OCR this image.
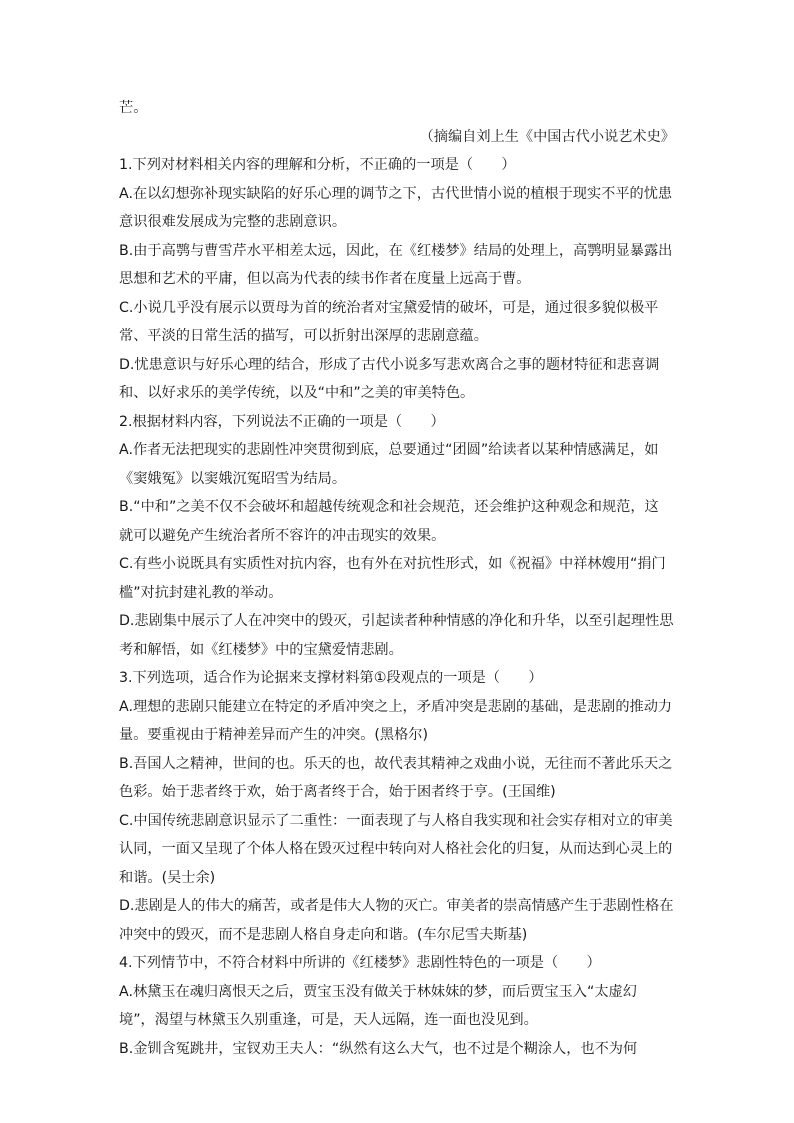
芒。
（摘编自刘上生《中国古代小说艺术史》
1.下列对材料相关内容的理解和分析，不正确的一项是（　　）
A.在以幻想弥补现实缺陷的好乐心理的调节之下，古代世情小说的植根于现实不平的忧患
意识很难发展成为完整的悲剧意识。
B.由于高鹗与曹雪芹水平相差太远，因此，在《红楼梦》结局的处理上，高鹗明显暴露出
思想和艺术的平庸，但以高为代表的续书作者在度量上远高于曹。
C.小说几乎没有展示以贾母为首的统治者对宝黛爱情的破坏，可是，通过很多貌似极平
常、平淡的日常生活的描写，可以折射出深厚的悲剧意蕴。
D.忧患意识与好乐心理的结合，形成了古代小说多写悲欢离合之事的题材特征和悲喜调
和、以好求乐的美学传统，以及“中和”之美的审美特色。
2.根据材料内容，下列说法不正确的一项是（　　）
A.作者无法把现实的悲剧性冲突贯彻到底，总要通过“团圆”给读者以某种情感满足，如
《窦娥冤》以窦娥沉冤昭雪为结局。
B.“中和”之美不仅不会破坏和超越传统观念和社会规范，还会维护这种观念和规范，这
就可以避免产生统治者所不容许的冲击现实的效果。
C.有些小说既具有实质性对抗内容，也有外在对抗性形式，如《祝福》中祥林嫂用“捐门
槛”对抗封建礼教的举动。
D.悲剧集中展示了人在冲突中的毁灭，引起读者种种情感的净化和升华，以至引起理性思
考和解悟，如《红楼梦》中的宝黛爱情悲剧。
3.下列选项，适合作为论据来支撑材料第①段观点的一项是（　　）
A.理想的悲剧只能建立在特定的矛盾冲突之上，矛盾冲突是悲剧的基础，是悲剧的推动力
量。要重视由于精神差异而产生的冲突。(黑格尔)
B.吾国人之精神，世间的也。乐天的也，故代表其精神之戏曲小说，无往而不著此乐天之
色彩。始于悲者终于欢，始于离者终于合，始于困者终于亨。(王国维)
C.中国传统悲剧意识显示了二重性：一面表现了与人格自我实现和社会实存相对立的审美
认同，一面又呈现了个体人格在毁灭过程中转向对人格社会化的归复，从而达到心灵上的
和谐。(吴士余)
D.悲剧是人的伟大的痛苦，或者是伟大人物的灭亡。审美者的崇高情感产生于悲剧性格在
冲突中的毁灭，而不是悲剧人格自身走向和谐。(车尔尼雪夫斯基)
4.下列情节中，不符合材料中所讲的《红楼梦》悲剧性特色的一项是（　　）
A.林黛玉在魂归离恨天之后，贾宝玉没有做关于林妹妹的梦，而后贾宝玉入“太虚幻
境”，渴望与林黛玉久别重逢，可是，天人远隔，连一面也没见到。
B.金钏含冤跳井，宝钗劝王夫人：“纵然有这么大气，也不过是个糊涂人，也不为何
